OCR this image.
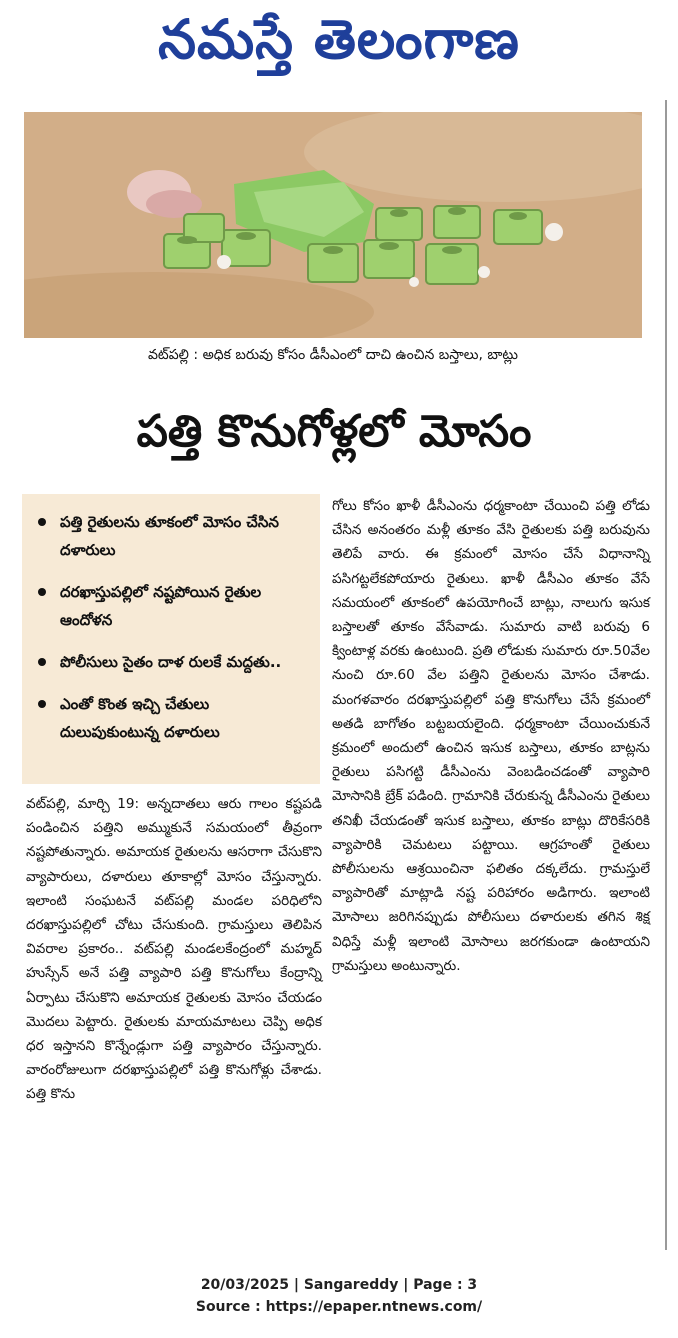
నమస్తే తెలంగాణ
వట్‌పల్లి : అధిక బరువు కోసం డీసీఎంలో దాచి ఉంచిన బస్తాలు, బాట్లు
పత్తి కొనుగోళ్లలో మోసం
పత్తి రైతులను తూకంలో మోసం చేసిన దళారులు
దరఖాస్తుపల్లిలో నష్టపోయిన రైతుల ఆందోళన
పోలీసులు సైతం దాళ రులకే మద్దతు..
ఎంతో కొంత ఇచ్చి చేతులు దులుపుకుంటున్న దళారులు

వట్‌పల్లి, మార్చి 19: అన్నదాతలు ఆరు గాలం కష్టపడి పండించిన పత్తిని అమ్ముకునే సమయంలో తీవ్రంగా నష్టపోతున్నారు. అమాయక రైతులను ఆసరాగా చేసుకొని వ్యాపారులు, దళారులు తూకాల్లో మోసం చేస్తున్నారు. ఇలాంటి సంఘటనే వట్‌పల్లి మండల పరిధిలోని దరఖాస్తుపల్లిలో చోటు చేసుకుంది. గ్రామస్తులు తెలిపిన వివరాల ప్రకారం.. వట్‌పల్లి మండలకేంద్రంలో మహ్మద్ హుస్సేన్ అనే పత్తి వ్యాపారి పత్తి కొనుగోలు కేంద్రాన్ని ఏర్పాటు చేసుకొని అమాయక రైతులకు మోసం చేయడం మొదలు పెట్టారు. రైతులకు మాయమాటలు చెప్పి అధిక ధర ఇస్తానని కొన్నేండ్లుగా పత్తి వ్యాపారం చేస్తున్నారు. వారంరోజులుగా దరఖాస్తుపల్లిలో పత్తి కొనుగోళ్లు చేశాడు. పత్తి కొను

గోలు కోసం ఖాళీ డీసీఎంను ధర్మకాంటా చేయించి పత్తి లోడు చేసిన అనంతరం మళ్లీ తూకం వేసి రైతులకు పత్తి బరువును తెలిపే వారు. ఈ క్రమంలో మోసం చేసే విధానాన్ని పసిగట్టలేకపోయారు రైతులు. ఖాళీ డీసీఎం తూకం వేసే సమయంలో తూకంలో ఉపయోగించే బాట్లు, నాలుగు ఇసుక బస్తాలతో తూకం వేసేవాడు. సుమారు వాటి బరువు 6 క్వింటాళ్ల వరకు ఉంటుంది. ప్రతి లోడుకు సుమారు రూ.50వేల నుంచి రూ.60 వేల పత్తిని రైతులను మోసం చేశాడు. మంగళవారం దరఖాస్తుపల్లిలో పత్తి కొనుగోలు చేసే క్రమంలో అతడి బాగోతం బట్టబయలైంది. ధర్మకాంటా చేయించుకునే క్రమంలో అందులో ఉంచిన ఇసుక బస్తాలు, తూకం బాట్లను రైతులు పసిగట్టి డీసీఎంను వెంబడించడంతో వ్యాపారి మోసానికి బ్రేక్ పడింది. గ్రామానికి చేరుకున్న డీసీఎంను రైతులు తనిఖీ చేయడంతో ఇసుక బస్తాలు, తూకం బాట్లు దొరికేసరికి వ్యాపారికి చెమటలు పట్టాయి. ఆగ్రహంతో రైతులు పోలీసులను ఆశ్రయించినా ఫలితం దక్కలేదు. గ్రామస్తులే వ్యాపారితో మాట్లాడి నష్ట పరిహారం అడిగారు. ఇలాంటి మోసాలు జరిగినప్పుడు పోలీసులు దళారులకు తగిన శిక్ష విధిస్తే మళ్లీ ఇలాంటి మోసాలు జరగకుండా ఉంటాయని గ్రామస్తులు అంటున్నారు.

20/03/2025 | Sangareddy | Page : 3
Source : https://epaper.ntnews.com/
